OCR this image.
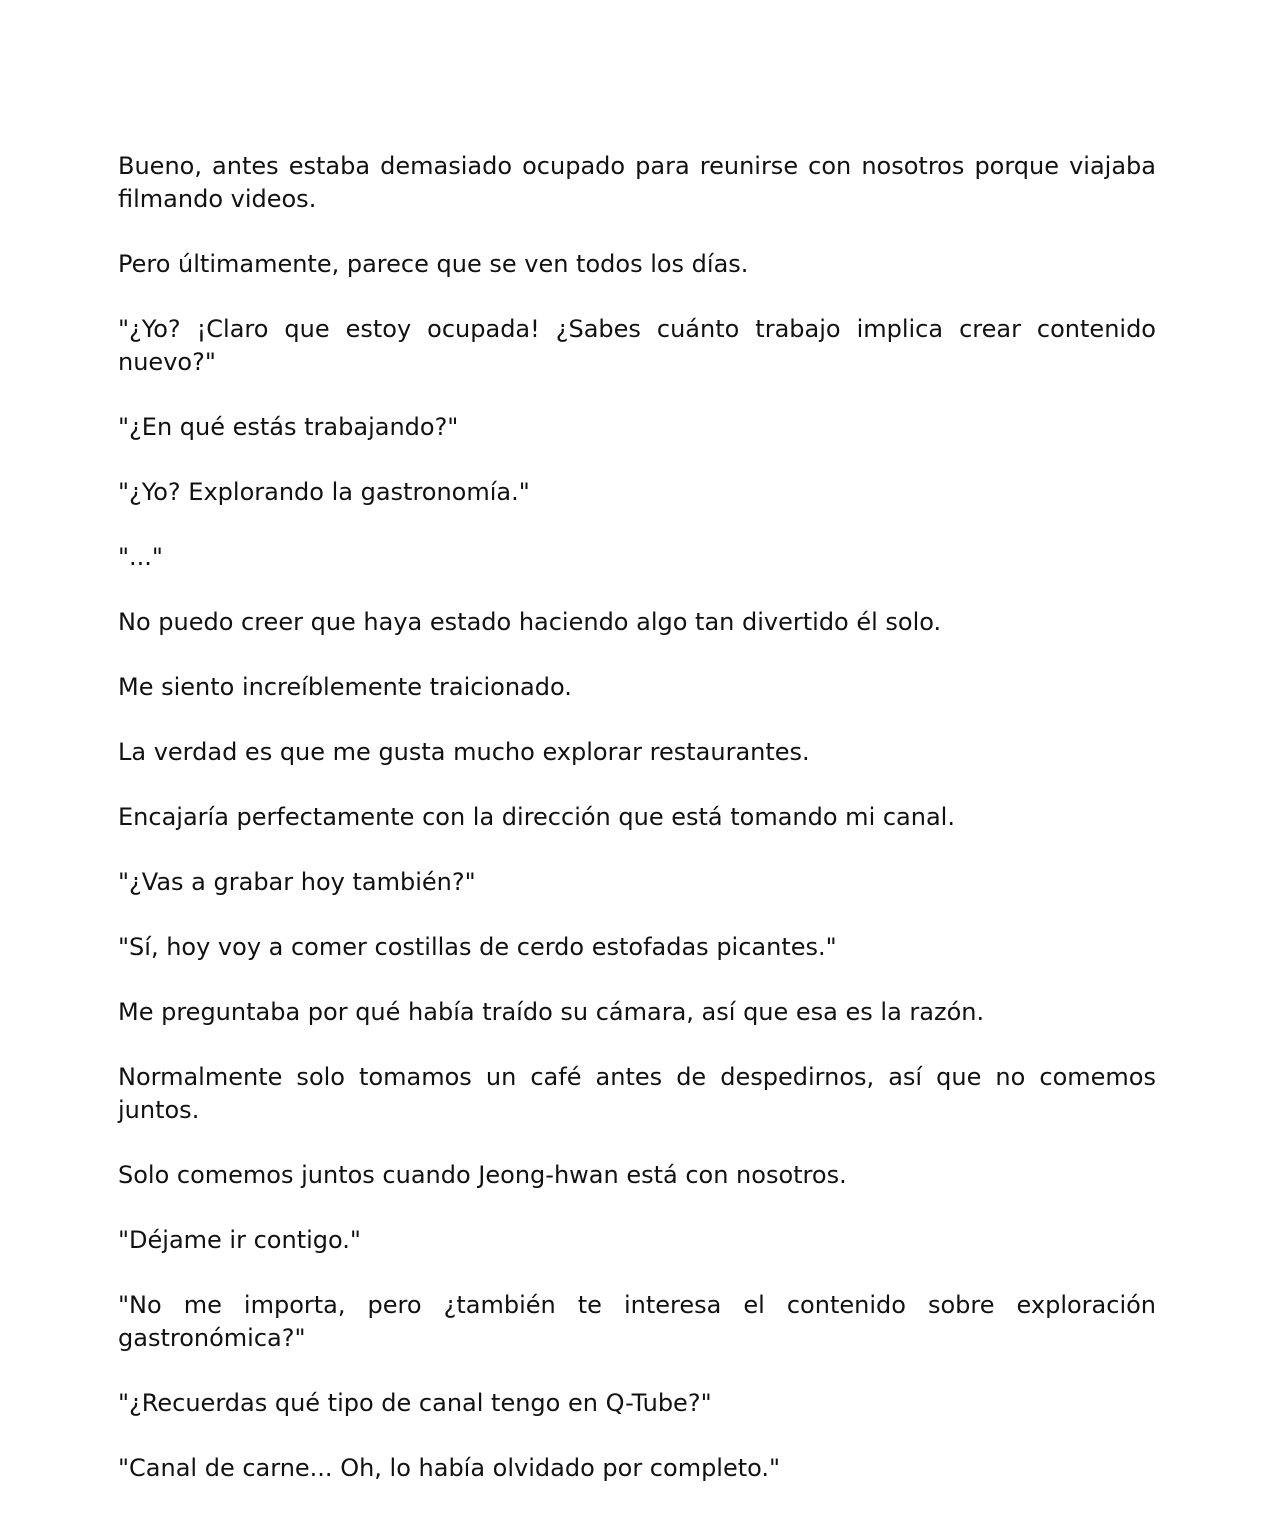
Bueno, antes estaba demasiado ocupado para reunirse con nosotros porque viajaba filmando videos.

Pero últimamente, parece que se ven todos los días.

"¿Yo? ¡Claro que estoy ocupada! ¿Sabes cuánto trabajo implica crear contenido nuevo?"

"¿En qué estás trabajando?"

"¿Yo? Explorando la gastronomía."

"..."

No puedo creer que haya estado haciendo algo tan divertido él solo.

Me siento increíblemente traicionado.

La verdad es que me gusta mucho explorar restaurantes.

Encajaría perfectamente con la dirección que está tomando mi canal.

"¿Vas a grabar hoy también?"

"Sí, hoy voy a comer costillas de cerdo estofadas picantes."

Me preguntaba por qué había traído su cámara, así que esa es la razón.

Normalmente solo tomamos un café antes de despedirnos, así que no comemos juntos.

Solo comemos juntos cuando Jeong-hwan está con nosotros.

"Déjame ir contigo."

"No me importa, pero ¿también te interesa el contenido sobre exploración gastronómica?"

"¿Recuerdas qué tipo de canal tengo en Q-Tube?"

"Canal de carne... Oh, lo había olvidado por completo."
